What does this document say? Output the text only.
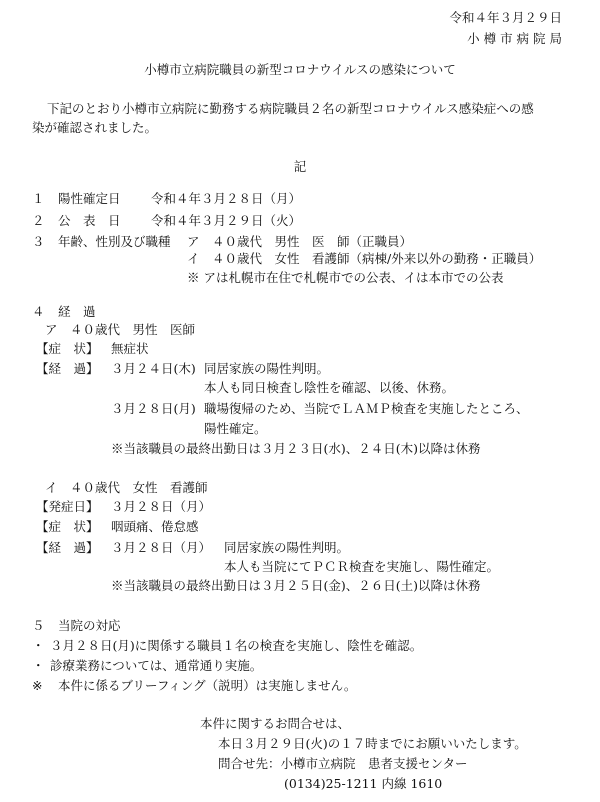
令和４年３月２９日
小 樽 市 病 院 局
小樽市立病院職員の新型コロナウイルスの感染について
下記のとおり小樽市立病院に勤務する病院職員２名の新型コロナウイルス感染症への感
染が確認されました。
記
１ 陽性確定日 令和４年３月２８日（月）
２ 公　表　日 令和４年３月２９日（火）
３ 年齢、性別及び職種 ア　４０歳代　男性　医　師（正職員）
イ　４０歳代　女性　看護師（病棟/外来以外の勤務・正職員）
※ アは札幌市在住で札幌市での公表、イは本市での公表
４ 経　過
ア　４０歳代　男性　医師
【症　状】 無症状
【経　過】 ３月２４日(木) 同居家族の陽性判明。
本人も同日検査し陰性を確認、以後、休務。
３月２８日(月) 職場復帰のため、当院でＬＡＭＰ検査を実施したところ、
陽性確定。
※当該職員の最終出勤日は３月２３日(水)、２４日(木)以降は休務
イ　４０歳代　女性　看護師
【発症日】 ３月２８日（月）
【症　状】 咽頭痛、倦怠感
【経　過】 ３月２８日（月） 同居家族の陽性判明。
本人も当院にてＰＣＲ検査を実施し、陽性確定。
※当該職員の最終出勤日は３月２５日(金)、２６日(土)以降は休務
５ 当院の対応
・ ３月２８日(月)に関係する職員１名の検査を実施し、陰性を確認。
・ 診療業務については、通常通り実施。
※ 本件に係るブリーフィング（説明）は実施しません。
本件に関するお問合せは、
本日３月２９日(火)の１７時までにお願いいたします。
問合せ先：小樽市立病院　患者支援センター
(0134)25-1211 内線 1610
